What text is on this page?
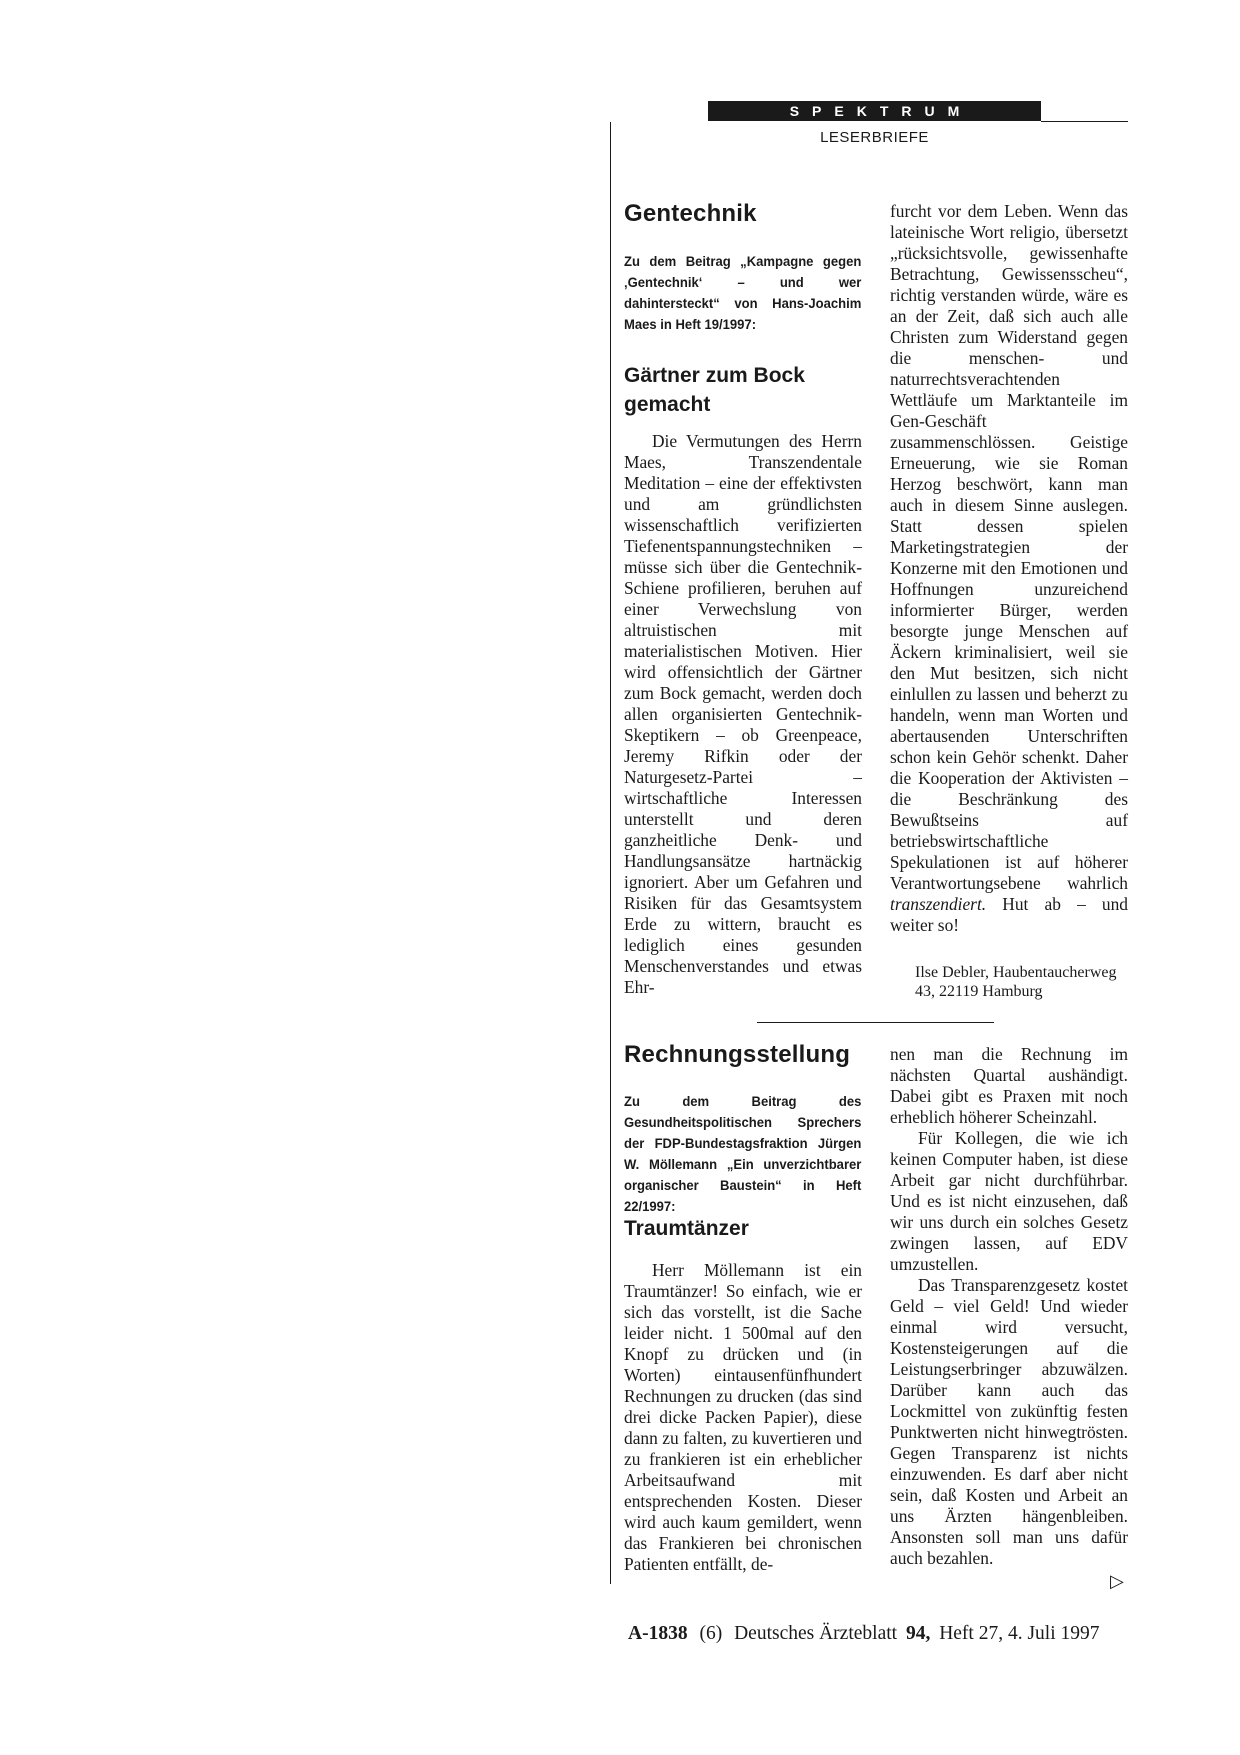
SPEKTRUM
LESERBRIEFE
Gentechnik
Zu dem Beitrag „Kampagne gegen ‚Gentechnik‘ – und wer dahintersteckt“ von Hans-Joachim Maes in Heft 19/1997:
Gärtner zum Bock gemacht

Die Vermutungen des Herrn Maes, Transzendentale Meditation – eine der effektivsten und am gründlichsten wissenschaftlich verifizierten Tiefenentspannungstechniken – müsse sich über die Gentechnik-Schiene profilieren, beruhen auf einer Verwechslung von altruistischen mit materialistischen Motiven. Hier wird offensichtlich der Gärtner zum Bock gemacht, werden doch allen organisierten Gentechnik-Skeptikern – ob Greenpeace, Jeremy Rifkin oder der Naturgesetz-Partei – wirtschaftliche Interessen unterstellt und deren ganzheitliche Denk- und Handlungsansätze hartnäckig ignoriert. Aber um Gefahren und Risiken für das Gesamtsystem Erde zu wittern, braucht es lediglich eines gesunden Menschenverstandes und etwas Ehr-

furcht vor dem Leben. Wenn das lateinische Wort religio, übersetzt „rücksichtsvolle, gewissenhafte Betrachtung, Gewissensscheu“, richtig verstanden würde, wäre es an der Zeit, daß sich auch alle Christen zum Widerstand gegen die menschen- und naturrechtsverachtenden Wettläufe um Marktanteile im Gen-Geschäft zusammenschlössen. Geistige Erneuerung, wie sie Roman Herzog beschwört, kann man auch in diesem Sinne auslegen. Statt dessen spielen Marketingstrategien der Konzerne mit den Emotionen und Hoffnungen unzureichend informierter Bürger, werden besorgte junge Menschen auf Äckern kriminalisiert, weil sie den Mut besitzen, sich nicht einlullen zu lassen und beherzt zu handeln, wenn man Worten und abertausenden Unterschriften schon kein Gehör schenkt. Daher die Kooperation der Aktivisten – die Beschränkung des Bewußtseins auf betriebswirtschaftliche Spekulationen ist auf höherer Verantwortungsebene wahrlich transzendiert. Hut ab – und weiter so!

Ilse Debler, Haubentaucherweg 43, 22119 Hamburg
Rechnungsstellung
Zu dem Beitrag des Gesundheitspolitischen Sprechers der FDP-Bundestagsfraktion Jürgen W. Möllemann „Ein unverzichtbarer organischer Baustein“ in Heft 22/1997:
Traumtänzer

Herr Möllemann ist ein Traumtänzer! So einfach, wie er sich das vorstellt, ist die Sache leider nicht. 1 500mal auf den Knopf zu drücken und (in Worten) eintausenfünfhundert Rechnungen zu drucken (das sind drei dicke Packen Papier), diese dann zu falten, zu kuvertieren und zu frankieren ist ein erheblicher Arbeitsaufwand mit entsprechenden Kosten. Dieser wird auch kaum gemildert, wenn das Frankieren bei chronischen Patienten entfällt, de-

nen man die Rechnung im nächsten Quartal aushändigt. Dabei gibt es Praxen mit noch erheblich höherer Scheinzahl.

Für Kollegen, die wie ich keinen Computer haben, ist diese Arbeit gar nicht durchführbar. Und es ist nicht einzusehen, daß wir uns durch ein solches Gesetz zwingen lassen, auf EDV umzustellen.

Das Transparenzgesetz kostet Geld – viel Geld! Und wieder einmal wird versucht, Kostensteigerungen auf die Leistungserbringer abzuwälzen. Darüber kann auch das Lockmittel von zukünftig festen Punktwerten nicht hinwegtrösten. Gegen Transparenz ist nichts einzuwenden. Es darf aber nicht sein, daß Kosten und Arbeit an uns Ärzten hängenbleiben. Ansonsten soll man uns dafür auch bezahlen.

▷
A-1838 (6) Deutsches Ärzteblatt 94, Heft 27, 4. Juli 1997
